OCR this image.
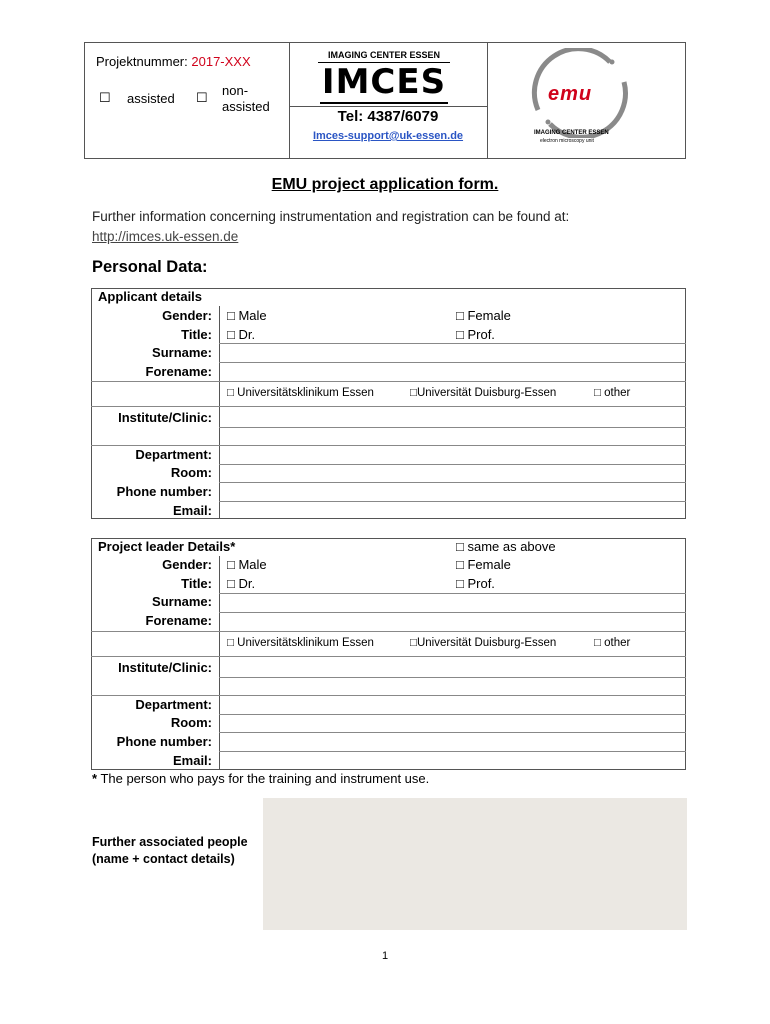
Projektnummer: 2017-XXX
☐ assisted ☐ non-
assisted
IMAGING CENTER ESSEN
IMCES
Tel: 4387/6079
Imces-support@uk-essen.de
emu
IMAGING CENTER ESSEN
electron microscopy unit
EMU project application form.
Further information concerning instrumentation and registration can be found at:
http://imces.uk-essen.de
Personal Data:
Applicant details
Gender: □ Male	□ Female
Title: □ Dr.	□ Prof.
Surname:
Forename:
□ Universitätsklinikum Essen	□Universität Duisburg-Essen	□ other
Institute/Clinic:
Department:
Room:
Phone number:
Email:
Project leader Details*	□ same as above
Gender: □ Male	□ Female
Title: □ Dr.	□ Prof.
Surname:
Forename:
□ Universitätsklinikum Essen	□Universität Duisburg-Essen	□ other
Institute/Clinic:
Department:
Room:
Phone number:
Email:
* The person who pays for the training and instrument use.
Further associated people (name + contact details)
1
